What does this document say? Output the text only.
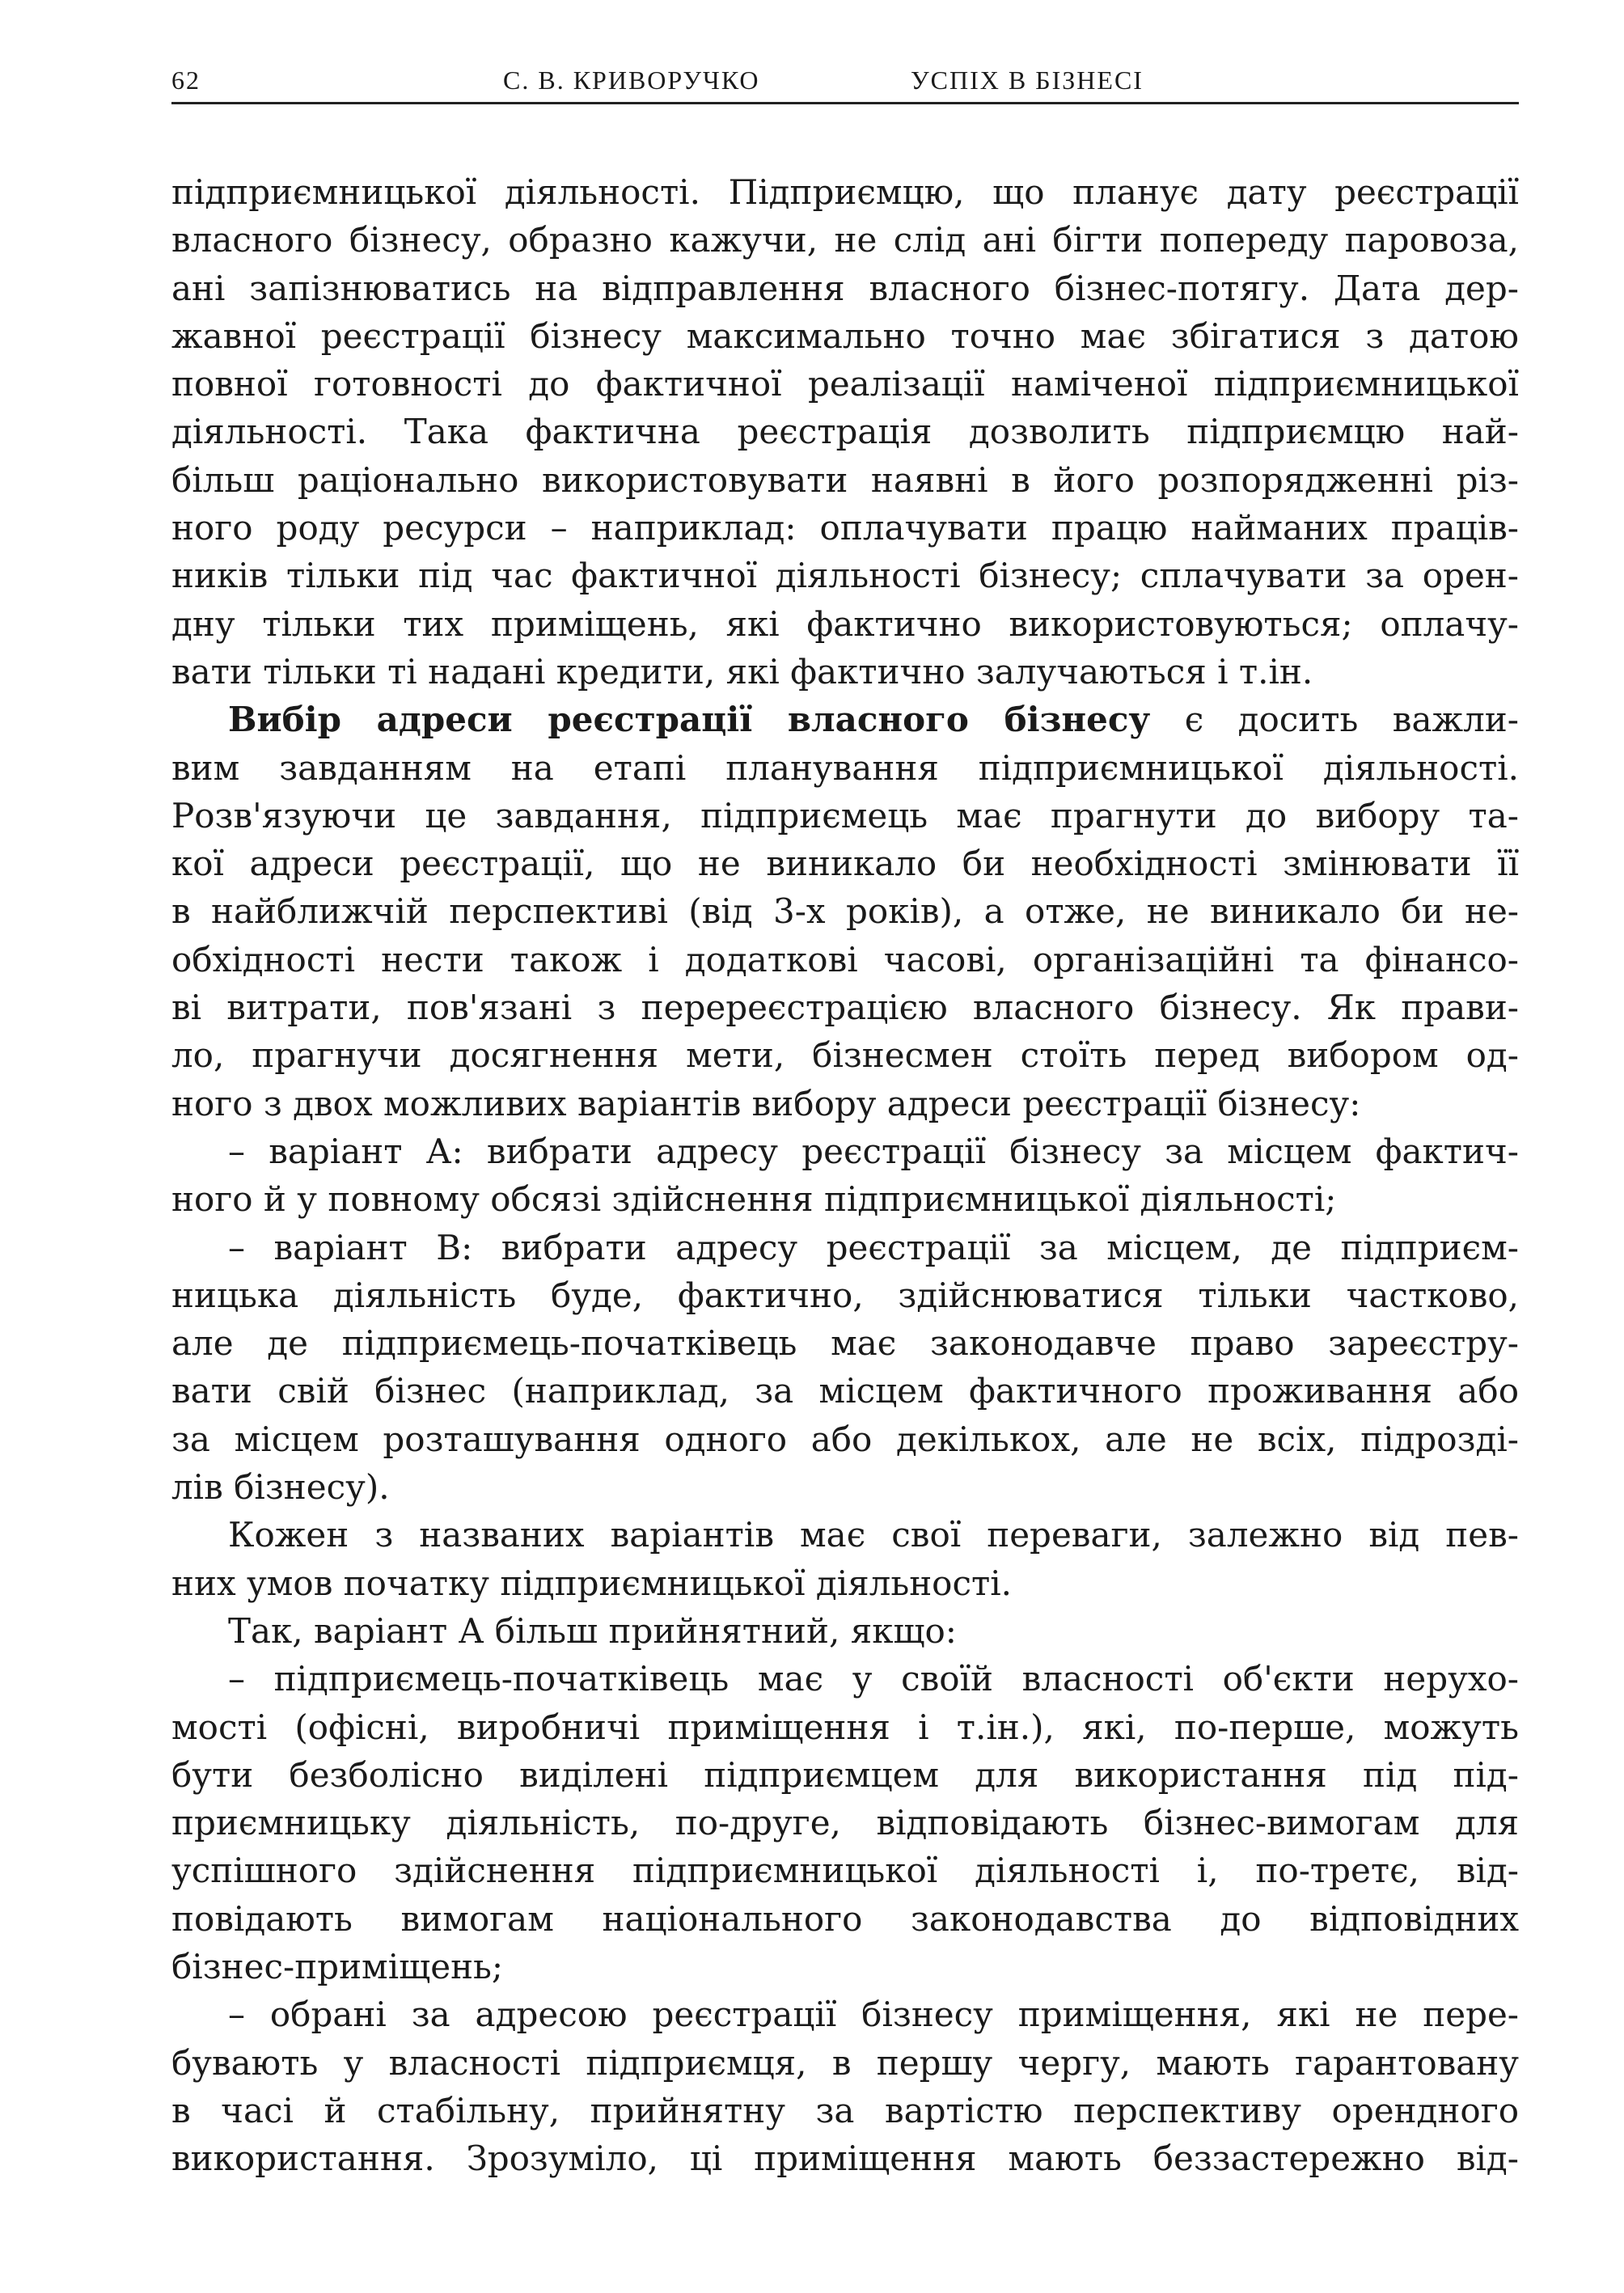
62	С. В. КРИВОРУЧКО	УСПІХ В БІЗНЕСІ
підприємницької діяльності. Підприємцю, що планує дату реєстрації
власного бізнесу, образно кажучи, не слід ані бігти попереду паровоза,
ані запізнюватись на відправлення власного бізнес-потягу. Дата дер-
жавної реєстрації бізнесу максимально точно має збігатися з датою
повної готовності до фактичної реалізації наміченої підприємницької
діяльності. Така фактична реєстрація дозволить підприємцю най-
більш раціонально використовувати наявні в його розпорядженні різ-
ного роду ресурси – наприклад: оплачувати працю найманих праців-
ників тільки під час фактичної діяльності бізнесу; сплачувати за орен-
дну тільки тих приміщень, які фактично використовуються; оплачу-
вати тільки ті надані кредити, які фактично залучаються і т.ін.
Вибір адреси реєстрації власного бізнесу є досить важли-
вим завданням на етапі планування підприємницької діяльності.
Розв'язуючи це завдання, підприємець має прагнути до вибору та-
кої адреси реєстрації, що не виникало би необхідності змінювати її
в найближчій перспективі (від 3-х років), а отже, не виникало би не-
обхідності нести також і додаткові часові, організаційні та фінансо-
ві витрати, пов'язані з перереєстрацією власного бізнесу. Як прави-
ло, прагнучи досягнення мети, бізнесмен стоїть перед вибором од-
ного з двох можливих варіантів вибору адреси реєстрації бізнесу:
– варіант А: вибрати адресу реєстрації бізнесу за місцем фактич-
ного й у повному обсязі здійснення підприємницької діяльності;
– варіант В: вибрати адресу реєстрації за місцем, де підприєм-
ницька діяльність буде, фактично, здійснюватися тільки частково,
але де підприємець-початківець має законодавче право зареєстру-
вати свій бізнес (наприклад, за місцем фактичного проживання або
за місцем розташування одного або декількох, але не всіх, підрозді-
лів бізнесу).
Кожен з названих варіантів має свої переваги, залежно від пев-
них умов початку підприємницької діяльності.
Так, варіант А більш прийнятний, якщо:
– підприємець-початківець має у своїй власності об'єкти нерухо-
мості (офісні, виробничі приміщення і т.ін.), які, по-перше, можуть
бути безболісно виділені підприємцем для використання під під-
приємницьку діяльність, по-друге, відповідають бізнес-вимогам для
успішного здійснення підприємницької діяльності і, по-третє, від-
повідають вимогам національного законодавства до відповідних
бізнес-приміщень;
– обрані за адресою реєстрації бізнесу приміщення, які не пере-
бувають у власності підприємця, в першу чергу, мають гарантовану
в часі й стабільну, прийнятну за вартістю перспективу орендного
використання. Зрозуміло, ці приміщення мають беззастережно від-
